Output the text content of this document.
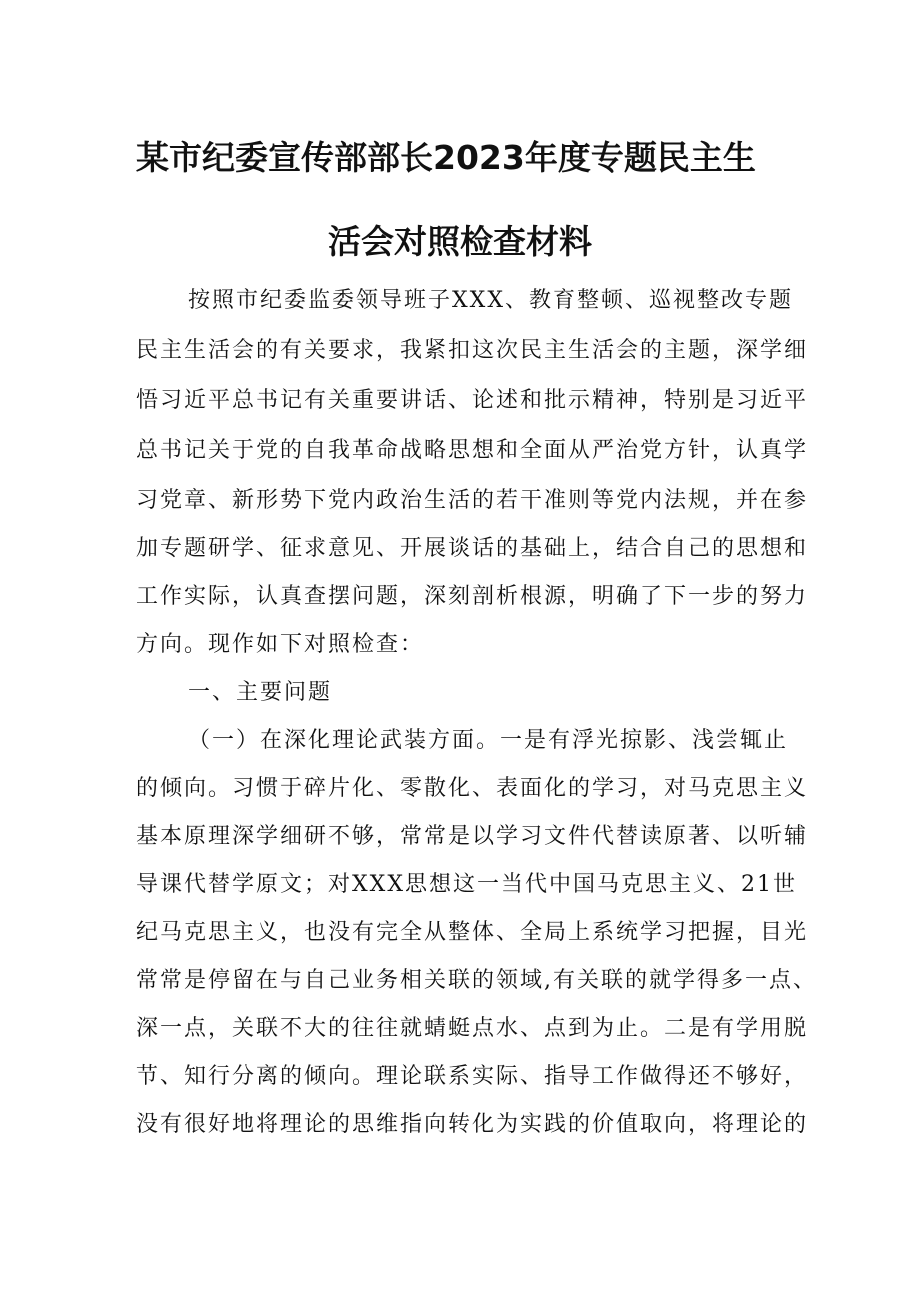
某市纪委宣传部部长2023年度专题民主生
活会对照检查材料

按照市纪委监委领导班子XXX、教育整顿、巡视整改专题

民主生活会的有关要求，我紧扣这次民主生活会的主题，深学细

悟习近平总书记有关重要讲话、论述和批示精神，特别是习近平

总书记关于党的自我革命战略思想和全面从严治党方针，认真学

习党章、新形势下党内政治生活的若干准则等党内法规，并在参

加专题研学、征求意见、开展谈话的基础上，结合自己的思想和

工作实际，认真查摆问题，深刻剖析根源，明确了下一步的努力

方向。现作如下对照检查：

一、主要问题

（一）在深化理论武装方面。一是有浮光掠影、浅尝辄止

的倾向。习惯于碎片化、零散化、表面化的学习，对马克思主义

基本原理深学细研不够，常常是以学习文件代替读原著、以听辅

导课代替学原文；对XXX思想这一当代中国马克思主义、21世

纪马克思主义，也没有完全从整体、全局上系统学习把握，目光

常常是停留在与自己业务相关联的领域,有关联的就学得多一点、

深一点，关联不大的往往就蜻蜓点水、点到为止。二是有学用脱

节、知行分离的倾向。理论联系实际、指导工作做得还不够好，

没有很好地将理论的思维指向转化为实践的价值取向，将理论的
